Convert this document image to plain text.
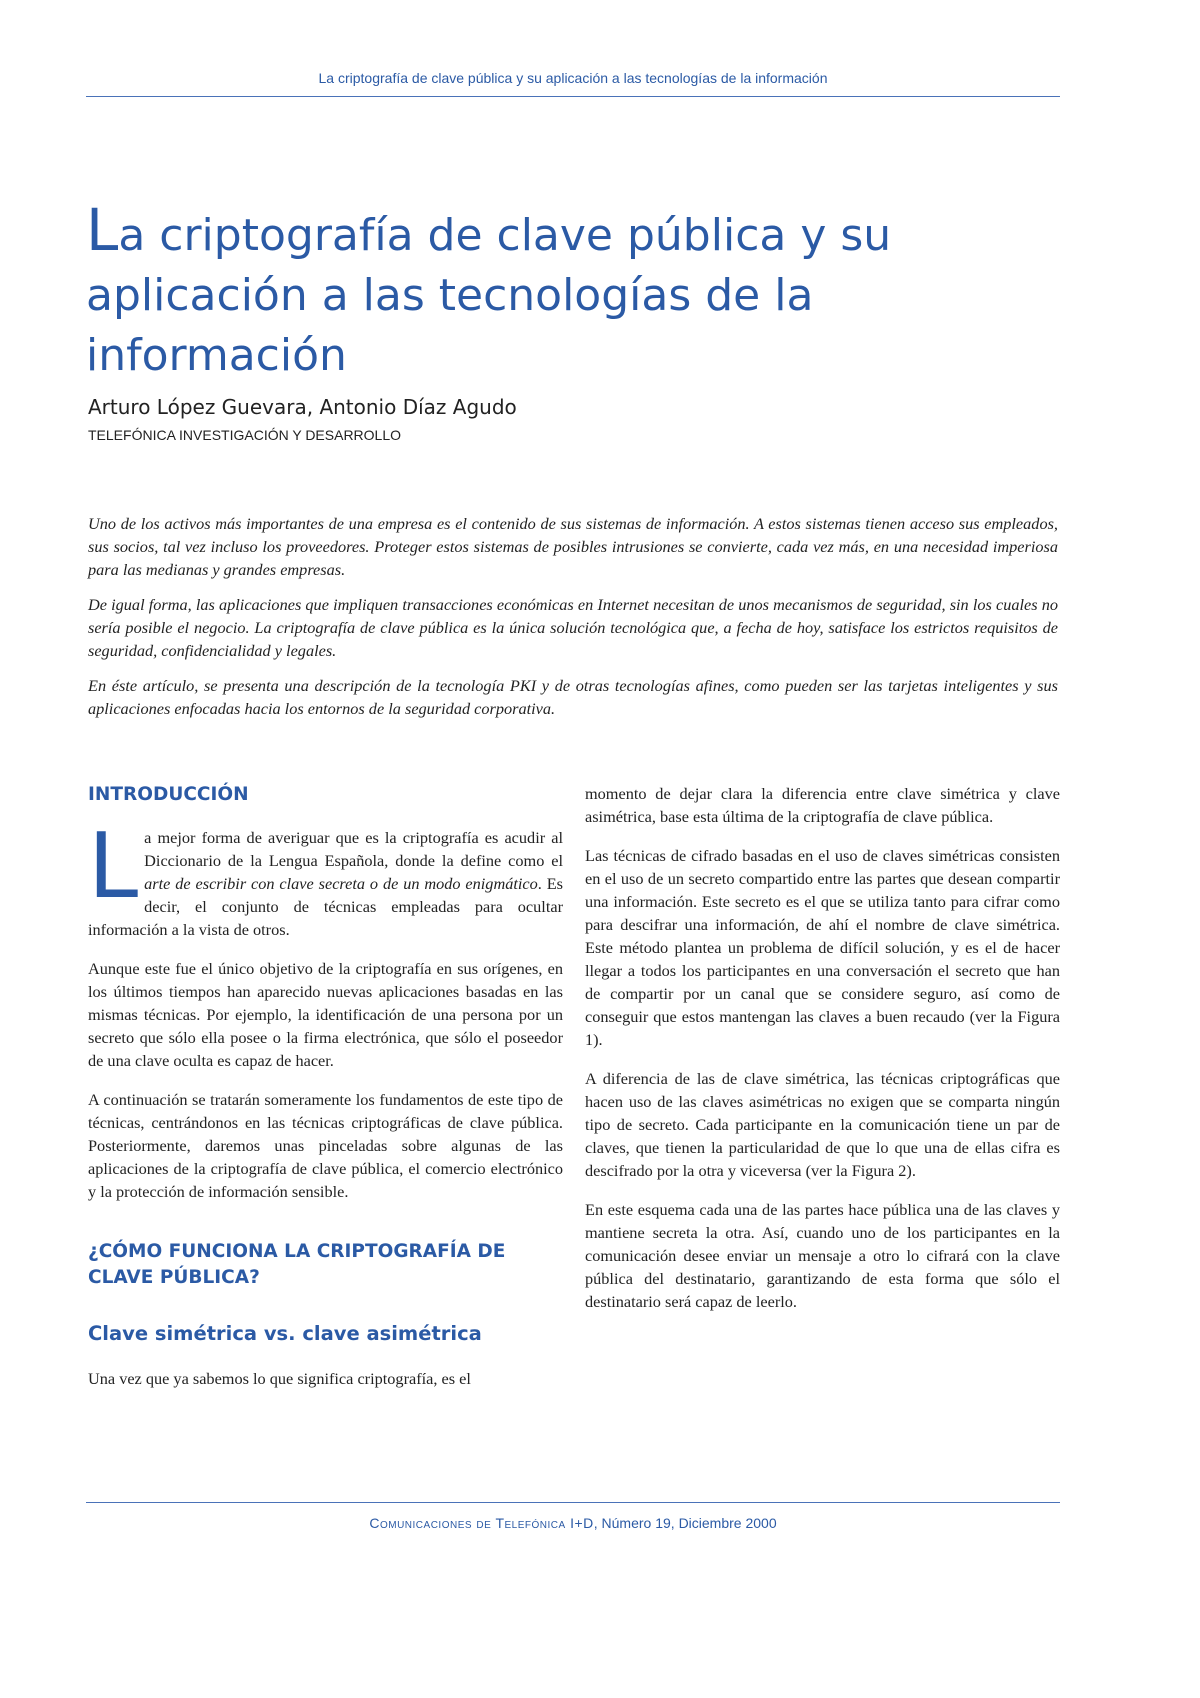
La criptografía de clave pública y su aplicación a las tecnologías de la información
La criptografía de clave pública y su aplicación a las tecnologías de la información
Arturo López Guevara, Antonio Díaz Agudo
TELEFÓNICA INVESTIGACIÓN Y DESARROLLO

Uno de los activos más importantes de una empresa es el contenido de sus sistemas de información. A estos sistemas tienen acceso sus empleados, sus socios, tal vez incluso los proveedores. Proteger estos sistemas de posibles intrusiones se convierte, cada vez más, en una necesidad imperiosa para las medianas y grandes empresas.

De igual forma, las aplicaciones que impliquen transacciones económicas en Internet necesitan de unos mecanismos de seguridad, sin los cuales no sería posible el negocio. La criptografía de clave pública es la única solución tecnológica que, a fecha de hoy, satisface los estrictos requisitos de seguridad, confidencialidad y legales.

En éste artículo, se presenta una descripción de la tecnología PKI y de otras tecnologías afines, como pueden ser las tarjetas inteligentes y sus aplicaciones enfocadas hacia los entornos de la seguridad corporativa.

INTRODUCCIÓN

La mejor forma de averiguar que es la criptografía es acudir al Diccionario de la Lengua Española, donde la define como el arte de escribir con clave secreta o de un modo enigmático. Es decir, el conjunto de técnicas empleadas para ocultar información a la vista de otros.

Aunque este fue el único objetivo de la criptografía en sus orígenes, en los últimos tiempos han aparecido nuevas aplicaciones basadas en las mismas técnicas. Por ejemplo, la identificación de una persona por un secreto que sólo ella posee o la firma electrónica, que sólo el poseedor de una clave oculta es capaz de hacer.

A continuación se tratarán someramente los fundamentos de este tipo de técnicas, centrándonos en las técnicas criptográficas de clave pública. Posteriormente, daremos unas pinceladas sobre algunas de las aplicaciones de la criptografía de clave pública, el comercio electrónico y la protección de información sensible.

¿CÓMO FUNCIONA LA CRIPTOGRAFÍA DE CLAVE PÚBLICA?
Clave simétrica vs. clave asimétrica

Una vez que ya sabemos lo que significa criptografía, es el

momento de dejar clara la diferencia entre clave simétrica y clave asimétrica, base esta última de la criptografía de clave pública.

Las técnicas de cifrado basadas en el uso de claves simétricas consisten en el uso de un secreto compartido entre las partes que desean compartir una información. Este secreto es el que se utiliza tanto para cifrar como para descifrar una información, de ahí el nombre de clave simétrica. Este método plantea un problema de difícil solución, y es el de hacer llegar a todos los participantes en una conversación el secreto que han de compartir por un canal que se considere seguro, así como de conseguir que estos mantengan las claves a buen recaudo (ver la Figura 1).

A diferencia de las de clave simétrica, las técnicas criptográficas que hacen uso de las claves asimétricas no exigen que se comparta ningún tipo de secreto. Cada participante en la comunicación tiene un par de claves, que tienen la particularidad de que lo que una de ellas cifra es descifrado por la otra y viceversa (ver la Figura 2).

En este esquema cada una de las partes hace pública una de las claves y mantiene secreta la otra. Así, cuando uno de los participantes en la comunicación desee enviar un mensaje a otro lo cifrará con la clave pública del destinatario, garantizando de esta forma que sólo el destinatario será capaz de leerlo.

Comunicaciones de Telefónica I+D, Número 19, Diciembre 2000
